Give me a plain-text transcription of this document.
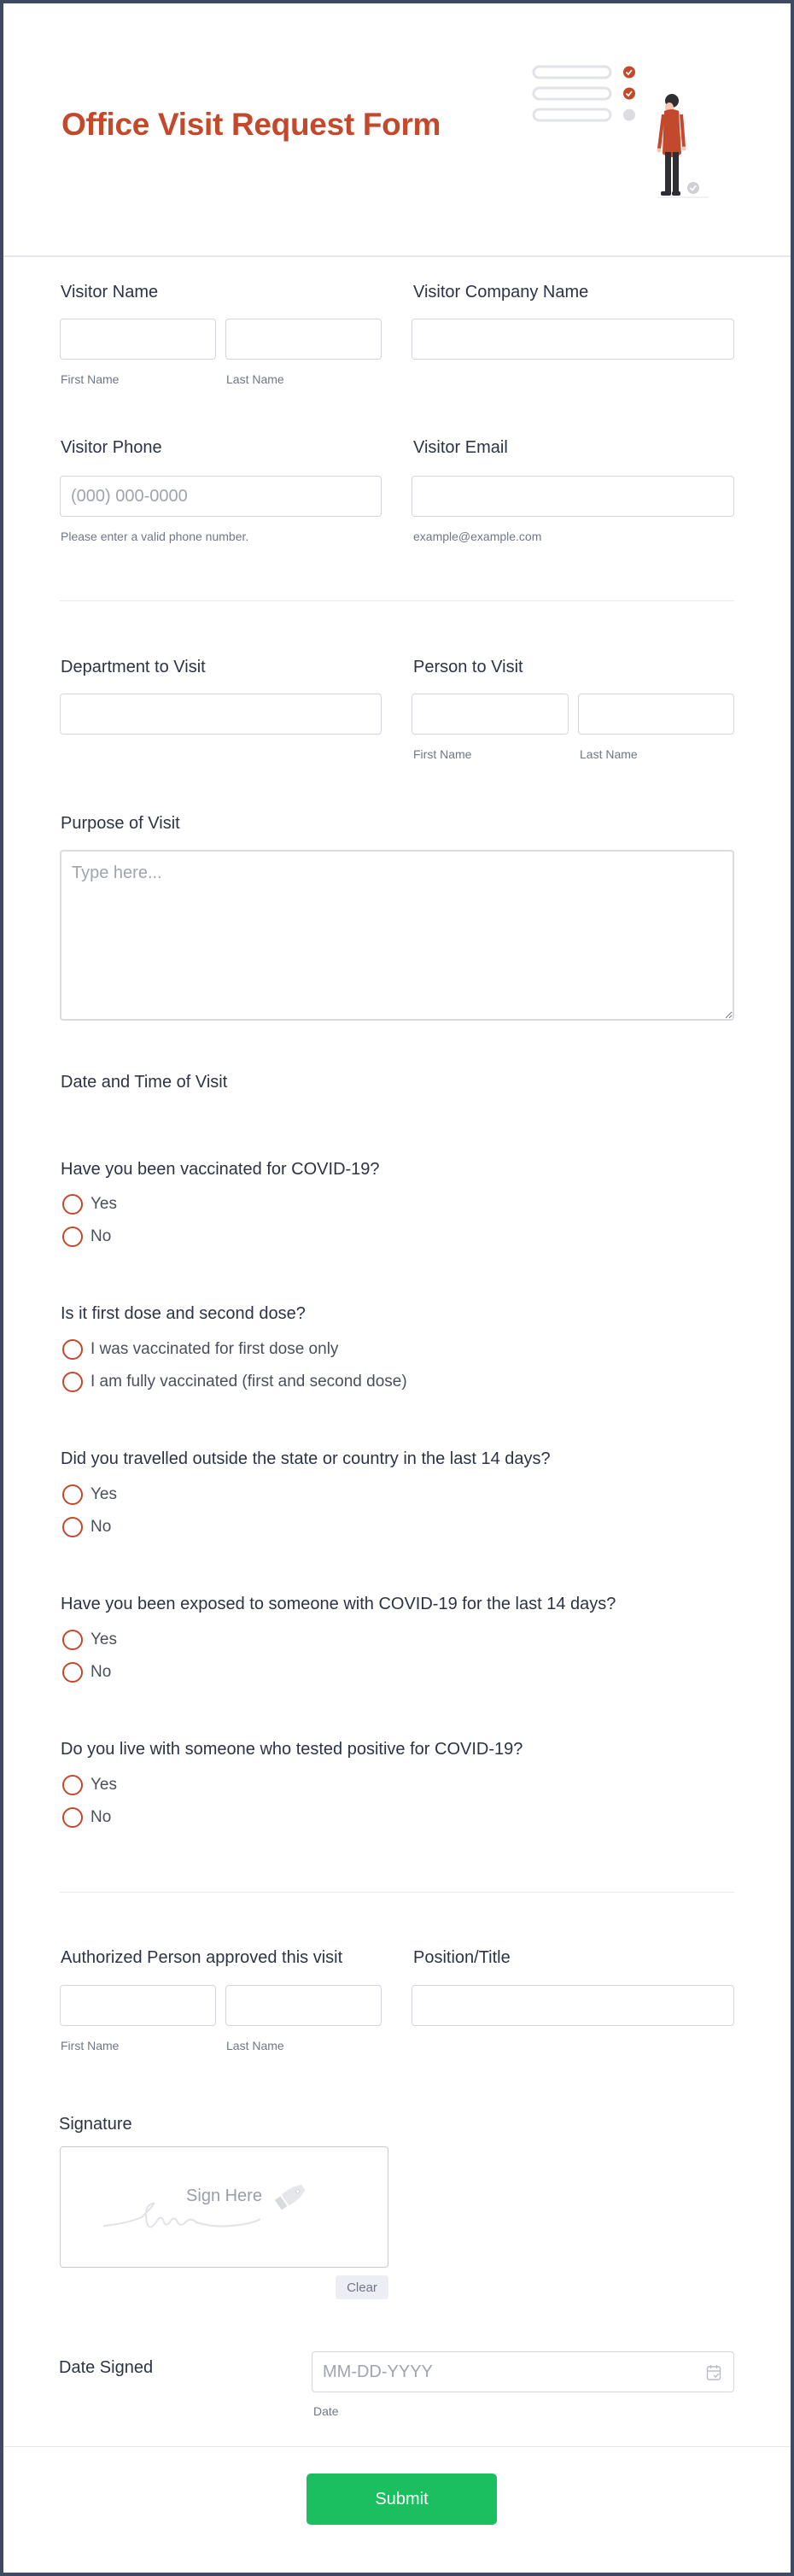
Office Visit Request Form
Visitor Name
First Name	Last Name
Visitor Company Name
Visitor Phone
(000) 000-0000
Please enter a valid phone number.
Visitor Email
example@example.com
Department to Visit	Person to Visit
First Name	Last Name
Purpose of Visit
Type here...
Date and Time of Visit
Have you been vaccinated for COVID-19?
Yes
No
Is it first dose and second dose?
I was vaccinated for first dose only
I am fully vaccinated (first and second dose)
Did you travelled outside the state or country in the last 14 days?
Yes
No
Have you been exposed to someone with COVID-19 for the last 14 days?
Yes
No
Do you live with someone who tested positive for COVID-19?
Yes
No
Authorized Person approved this visit
First Name	Last Name
Position/Title
Signature
Sign Here
Clear
Date Signed
MM-DD-YYYY
Date
Submit
